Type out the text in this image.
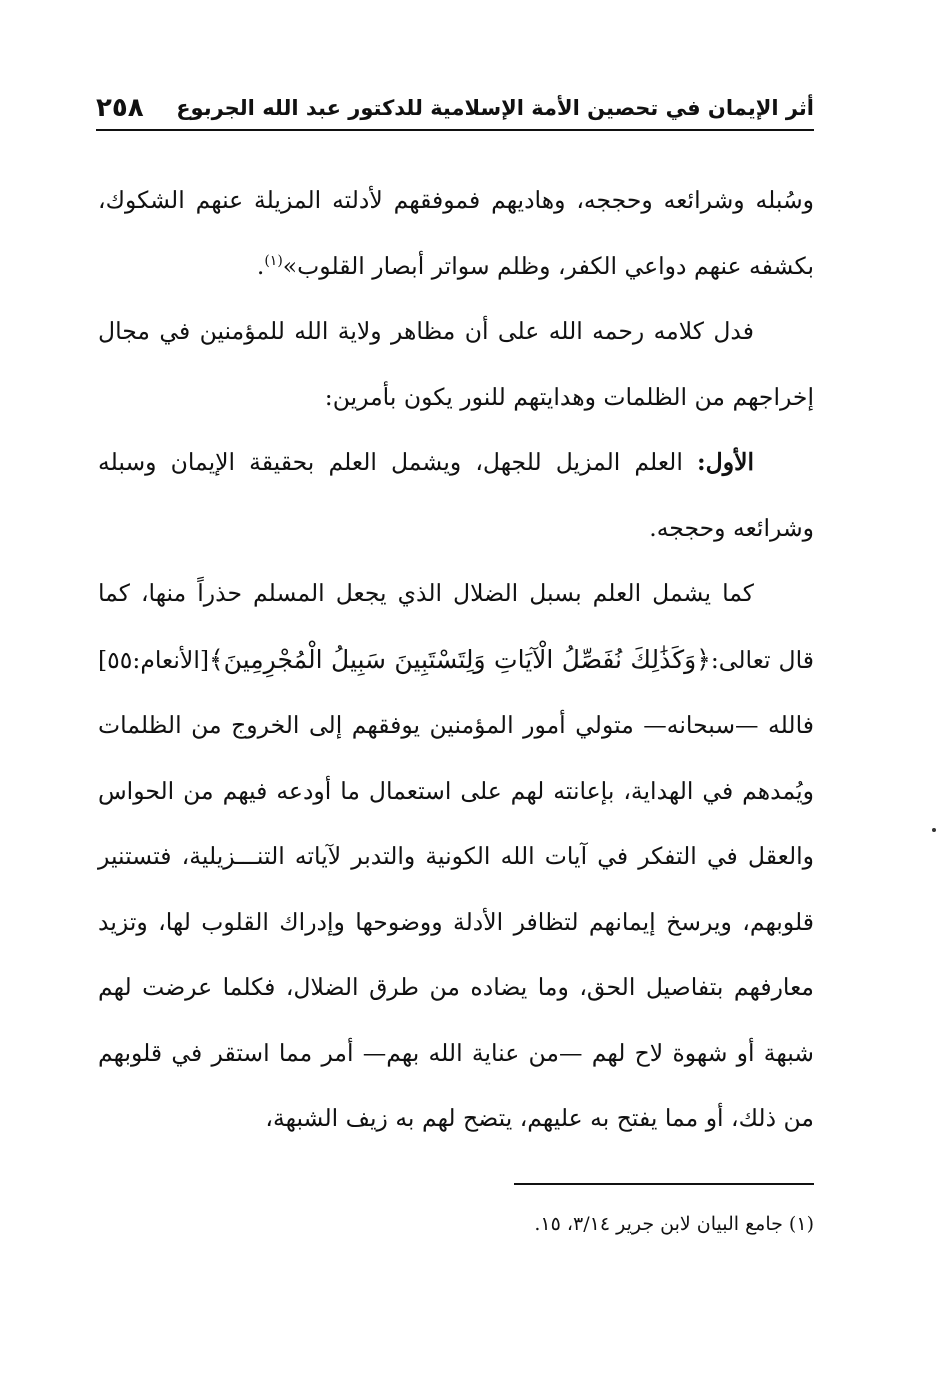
أثر الإيمان في تحصين الأمة الإسلامية للدكتور عبد الله الجربوع
٢٥٨

وسُبله وشرائعه وحججه، وهاديهم فموفقهم لأدلته المزيلة عنهم الشكوك، بكشفه عنهم دواعي الكفر، وظلم سواتر أبصار القلوب»$^{(١)}$.

فدل كلامه رحمه الله على أن مظاهر ولاية الله للمؤمنين في مجال إخراجهم من الظلمات وهدايتهم للنور يكون بأمرين:

الأول: العلم المزيل للجهل، ويشمل العلم بحقيقة الإيمان وسبله وشرائعه وحججه.

كما يشمل العلم بسبل الضلال الذي يجعل المسلم حذراً منها، كما قال تعالى:﴿وَكَذَٰلِكَ نُفَصِّلُ الْآيَاتِ وَلِتَسْتَبِينَ سَبِيلُ الْمُجْرِمِينَ﴾[الأنعام:٥٥] فالله —سبحانه— متولي أمور المؤمنين يوفقهم إلى الخروج من الظلمات ويُمدهم في الهداية، بإعانته لهم على استعمال ما أودعه فيهم من الحواس والعقل في التفكر في آيات الله الكونية والتدبر لآياته التنـــزيلية، فتستنير قلوبهم، ويرسخ إيمانهم لتظافر الأدلة ووضوحها وإدراك القلوب لها، وتزيد معارفهم بتفاصيل الحق، وما يضاده من طرق الضلال، فكلما عرضت لهم شبهة أو شهوة لاح لهم —من عناية الله بهم— أمر مما استقر في قلوبهم من ذلك، أو مما يفتح به عليهم، يتضح لهم به زيف الشبهة،

(١) جامع البيان لابن جرير ٣/١٤، ١٥.
